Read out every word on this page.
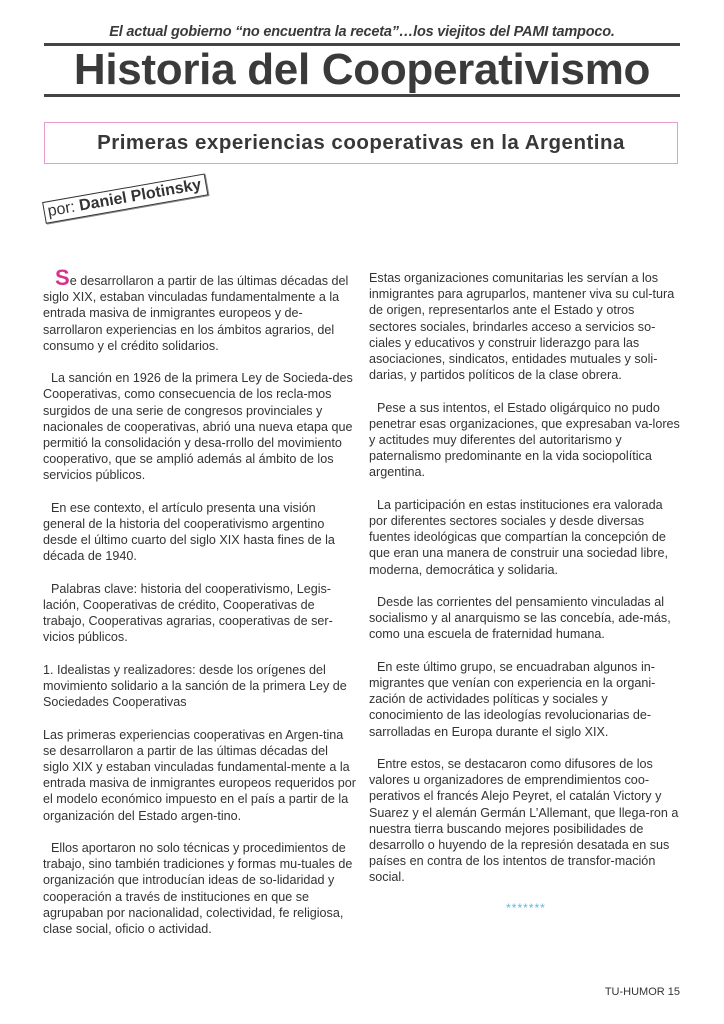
El actual gobierno “no encuentra la receta”…los viejitos del PAMI tampoco.
Historia del Cooperativismo
Primeras experiencias cooperativas en la Argentina
por: Daniel Plotinsky

Se desarrollaron a partir de las últimas décadas del siglo XIX, estaban vinculadas fundamentalmente a la entrada masiva de inmigrantes europeos y de-sarrollaron experiencias en los ámbitos agrarios, del consumo y el crédito solidarios.

La sanción en 1926 de la primera Ley de Socieda-des Cooperativas, como consecuencia de los recla-mos surgidos de una serie de congresos provinciales y nacionales de cooperativas, abrió una nueva etapa que permitió la consolidación y desa-rrollo del movimiento cooperativo, que se amplió además al ámbito de los servicios públicos.

En ese contexto, el artículo presenta una visión general de la historia del cooperativismo argentino desde el último cuarto del siglo XIX hasta fines de la década de 1940.

Palabras clave: historia del cooperativismo, Legis-lación, Cooperativas de crédito, Cooperativas de trabajo, Cooperativas agrarias, cooperativas de ser-vicios públicos.

1. Idealistas y realizadores: desde los orígenes del movimiento solidario a la sanción de la primera Ley de Sociedades Cooperativas

Las primeras experiencias cooperativas en Argen-tina se desarrollaron a partir de las últimas décadas del siglo XIX y estaban vinculadas fundamental-mente a la entrada masiva de inmigrantes europeos requeridos por el modelo económico impuesto en el país a partir de la organización del Estado argen-tino.

Ellos aportaron no solo técnicas y procedimientos de trabajo, sino también tradiciones y formas mu-tuales de organización que introducían ideas de so-lidaridad y cooperación a través de instituciones en que se agrupaban por nacionalidad, colectividad, fe religiosa, clase social, oficio o actividad.

Estas organizaciones comunitarias les servían a los inmigrantes para agruparlos, mantener viva su cul-tura de origen, representarlos ante el Estado y otros sectores sociales, brindarles acceso a servicios so-ciales y educativos y construir liderazgo para las asociaciones, sindicatos, entidades mutuales y soli-darias, y partidos políticos de la clase obrera.

Pese a sus intentos, el Estado oligárquico no pudo penetrar esas organizaciones, que expresaban va-lores y actitudes muy diferentes del autoritarismo y paternalismo predominante en la vida sociopolítica argentina.

La participación en estas instituciones era valorada por diferentes sectores sociales y desde diversas fuentes ideológicas que compartían la concepción de que eran una manera de construir una sociedad libre, moderna, democrática y solidaria.

Desde las corrientes del pensamiento vinculadas al socialismo y al anarquismo se las concebía, ade-más, como una escuela de fraternidad humana.

En este último grupo, se encuadraban algunos in-migrantes que venían con experiencia en la organi-zación de actividades políticas y sociales y conocimiento de las ideologías revolucionarias de-sarrolladas en Europa durante el siglo XIX.

Entre estos, se destacaron como difusores de los valores u organizadores de emprendimientos coo-perativos el francés Alejo Peyret, el catalán Victory y Suarez y el alemán Germán L’Allemant, que llega-ron a nuestra tierra buscando mejores posibilidades de desarrollo o huyendo de la represión desatada en sus países en contra de los intentos de transfor-mación social.

*******
TU-HUMOR 15
